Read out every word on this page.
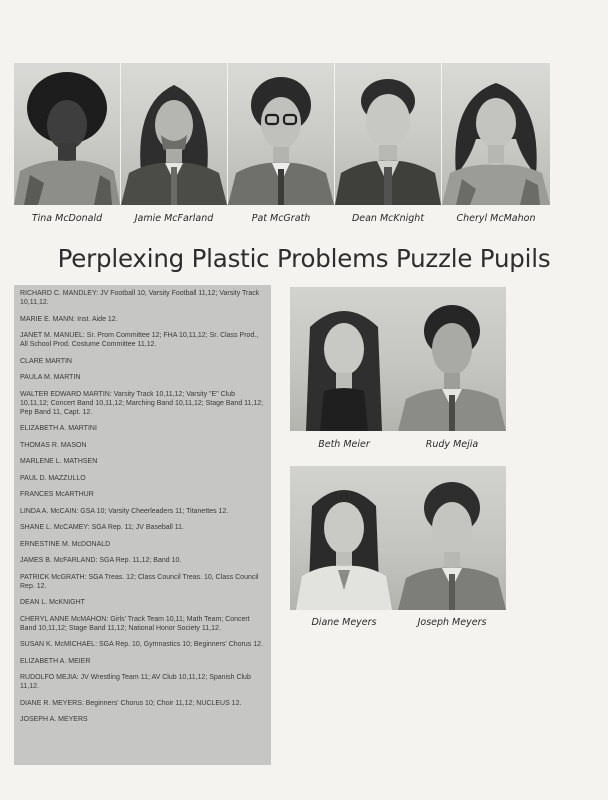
Tina McDonald	Jamie McFarland	Pat McGrath	Dean McKnight	Cheryl McMahon
Perplexing Plastic Problems Puzzle Pupils
RICHARD C. MANDLEY: JV Football 10, Varsity Football 11,12; Varsity Track 10,11,12.
MARIE E. MANN: Inst. Aide 12.
JANET M. MANUEL: Sr. Prom Committee 12; FHA 10,11,12; Sr. Class Prod., All School Prod. Costume Committee 11,12.
CLARE MARTIN
PAULA M. MARTIN
WALTER EDWARD MARTIN: Varsity Track 10,11,12; Varsity "E" Club 10,11,12; Concert Band 10,11,12; Marching Band 10,11,12; Stage Band 11,12; Pep Band 11, Capt. 12.
ELIZABETH A. MARTINI
THOMAS R. MASON
MARLENE L. MATHSEN
PAUL D. MAZZULLO
FRANCES McARTHUR
LINDA A. McCAIN: GSA 10; Varsity Cheerleaders 11; Titanettes 12.
SHANE L. McCAMEY: SGA Rep. 11; JV Baseball 11.
ERNESTINE M. McDONALD
JAMES B. McFARLAND: SGA Rep. 11,12; Band 10.
PATRICK McGRATH: SGA Treas. 12; Class Council Treas. 10, Class Council Rep. 12.
DEAN L. McKNIGHT
CHERYL ANNE McMAHON: Girls' Track Team 10,11; Math Team; Concert Band 10,11,12; Stage Band 11,12; National Honor Society 11,12.
SUSAN K. McMICHAEL: SGA Rep. 10, Gymnastics 10; Beginners' Chorus 12.
ELIZABETH A. MEIER
RUDOLFO MEJIA: JV Wrestling Team 11; AV Club 10,11,12; Spanish Club 11,12.
DIANE R. MEYERS: Beginners' Chorus 10; Choir 11,12; NUCLEUS 12.
JOSEPH A. MEYERS
Beth Meier	Rudy Mejia
Diane Meyers	Joseph Meyers
